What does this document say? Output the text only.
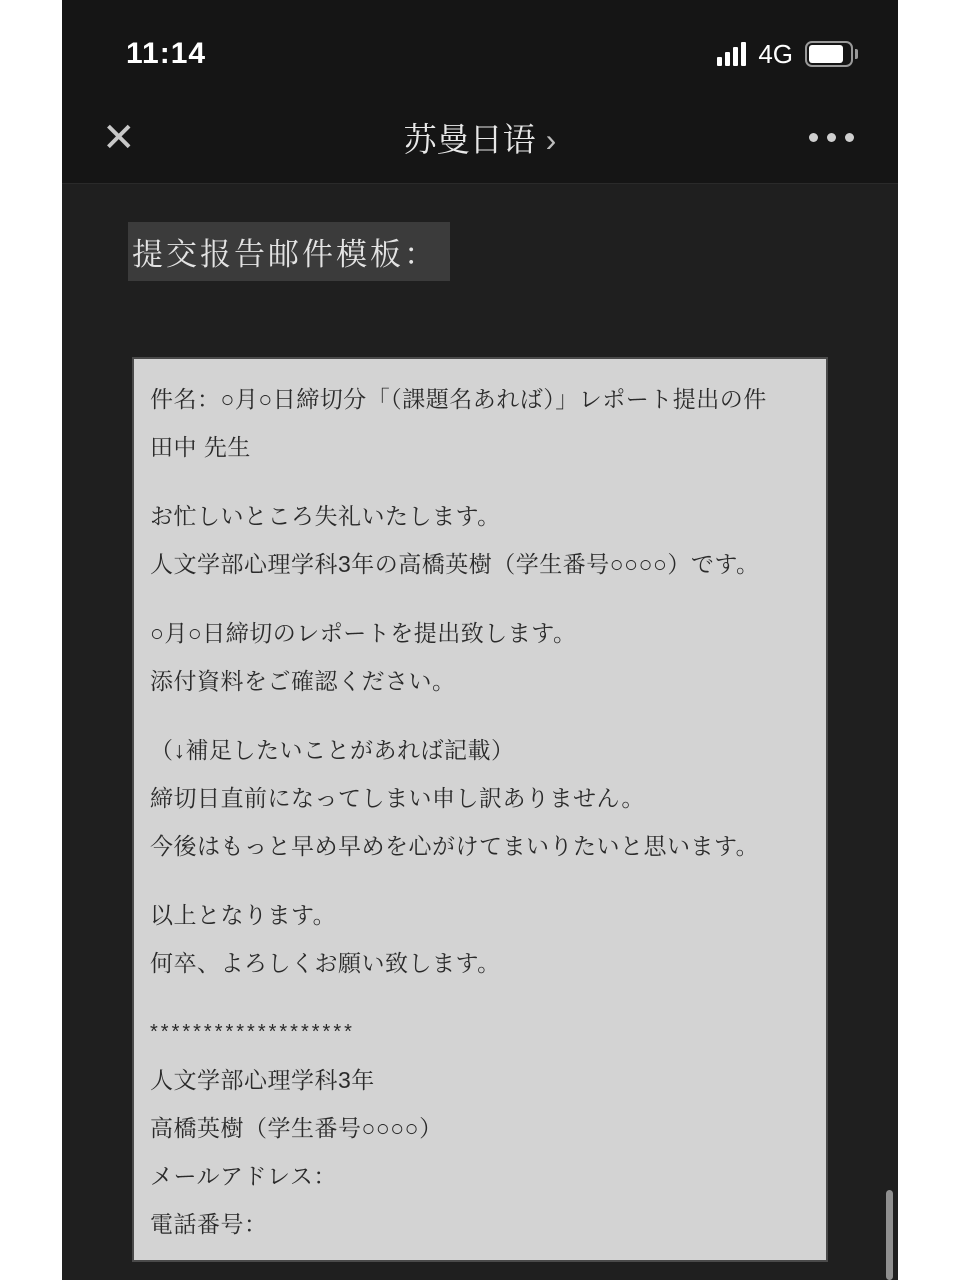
11:14	4G
✕	苏曼日语 ›
提交报告邮件模板：

件名：○月○日締切分「（課題名あれば）」レポート提出の件

田中 先生

お忙しいところ失礼いたします。

人文学部心理学科3年の高橋英樹（学生番号○○○○）です。

○月○日締切のレポートを提出致します。

添付資料をご確認ください。

（↓補足したいことがあれば記載）

締切日直前になってしまい申し訳ありません。

今後はもっと早め早めを心がけてまいりたいと思います。

以上となります。

何卒、よろしくお願い致します。

*******************

人文学部心理学科3年

高橋英樹（学生番号○○○○）

メールアドレス：

電話番号：
